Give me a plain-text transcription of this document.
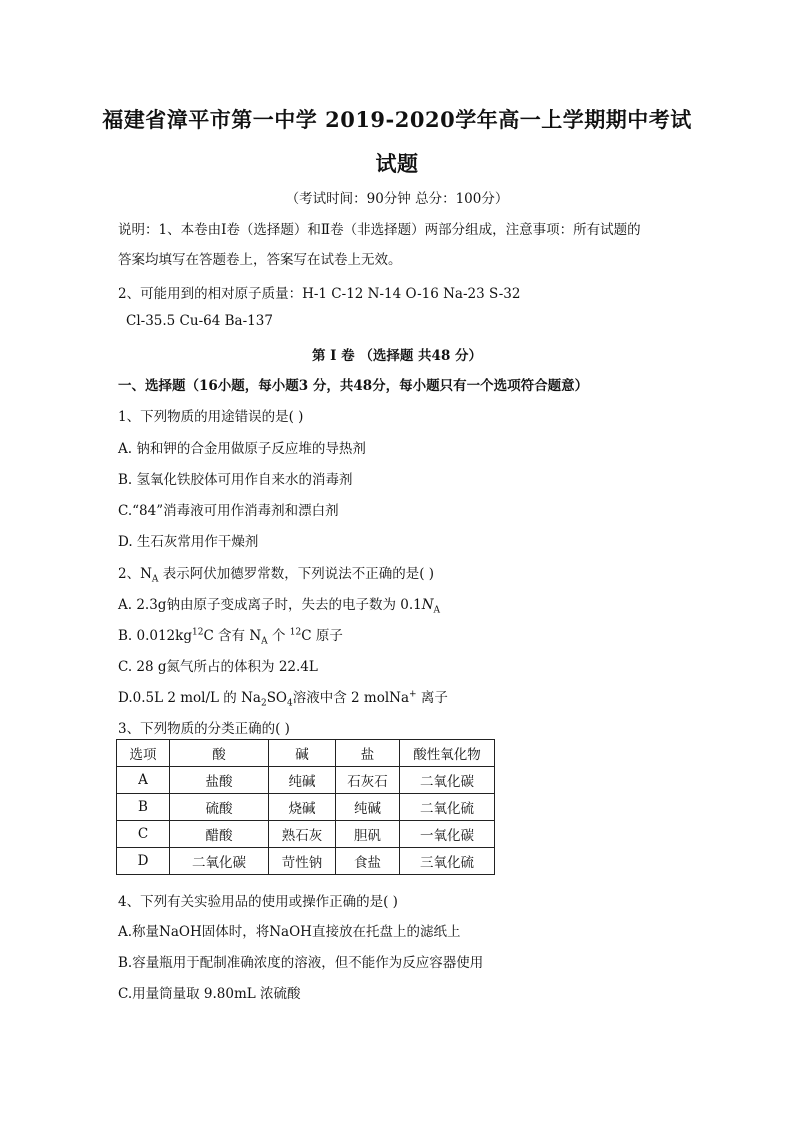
福建省漳平市第一中学 2019-2020学年高一上学期期中考试
试题
（考试时间：90分钟 总分：100分）
说明：1、本卷由Ⅰ卷（选择题）和Ⅱ卷（非选择题）两部分组成，注意事项：所有试题的
答案均填写在答题卷上，答案写在试卷上无效。
2、可能用到的相对原子质量：H-1 C-12 N-14 O-16 Na-23 S-32
Cl-35.5 Cu-64 Ba-137
第 Ⅰ 卷 （选择题 共48 分）
一、选择题（16小题，每小题3 分，共48分，每小题只有一个选项符合题意）
1、下列物质的用途错误的是( )
A. 钠和钾的合金用做原子反应堆的导热剂
B. 氢氧化铁胶体可用作自来水的消毒剂
C.“84”消毒液可用作消毒剂和漂白剂
D. 生石灰常用作干燥剂
2、$N_A$ 表示阿伏加德罗常数，下列说法不正确的是( )
A. 2.3g钠由原子变成离子时，失去的电子数为 $0.1N_A$
B. $0.012kg^{12}C$ 含有 $N_A$ 个 $^{12}$C 原子
C. 28 g氮气所占的体积为 22.4L
D.0.5L 2 mol/L 的 $Na_2SO_4$溶液中含 2 molNa+ 离子
3、下列物质的分类正确的( )
选项	酸	碱	盐	酸性氧化物
A	盐酸	纯碱	石灰石	二氧化碳
B	硫酸	烧碱	纯碱	二氧化硫
C	醋酸	熟石灰	胆矾	一氧化碳
D	二氧化碳	苛性钠	食盐	三氧化硫
4、下列有关实验用品的使用或操作正确的是( )
A.称量NaOH固体时，将NaOH直接放在托盘上的滤纸上
B.容量瓶用于配制准确浓度的溶液，但不能作为反应容器使用
C.用量筒量取 9.80mL 浓硫酸
